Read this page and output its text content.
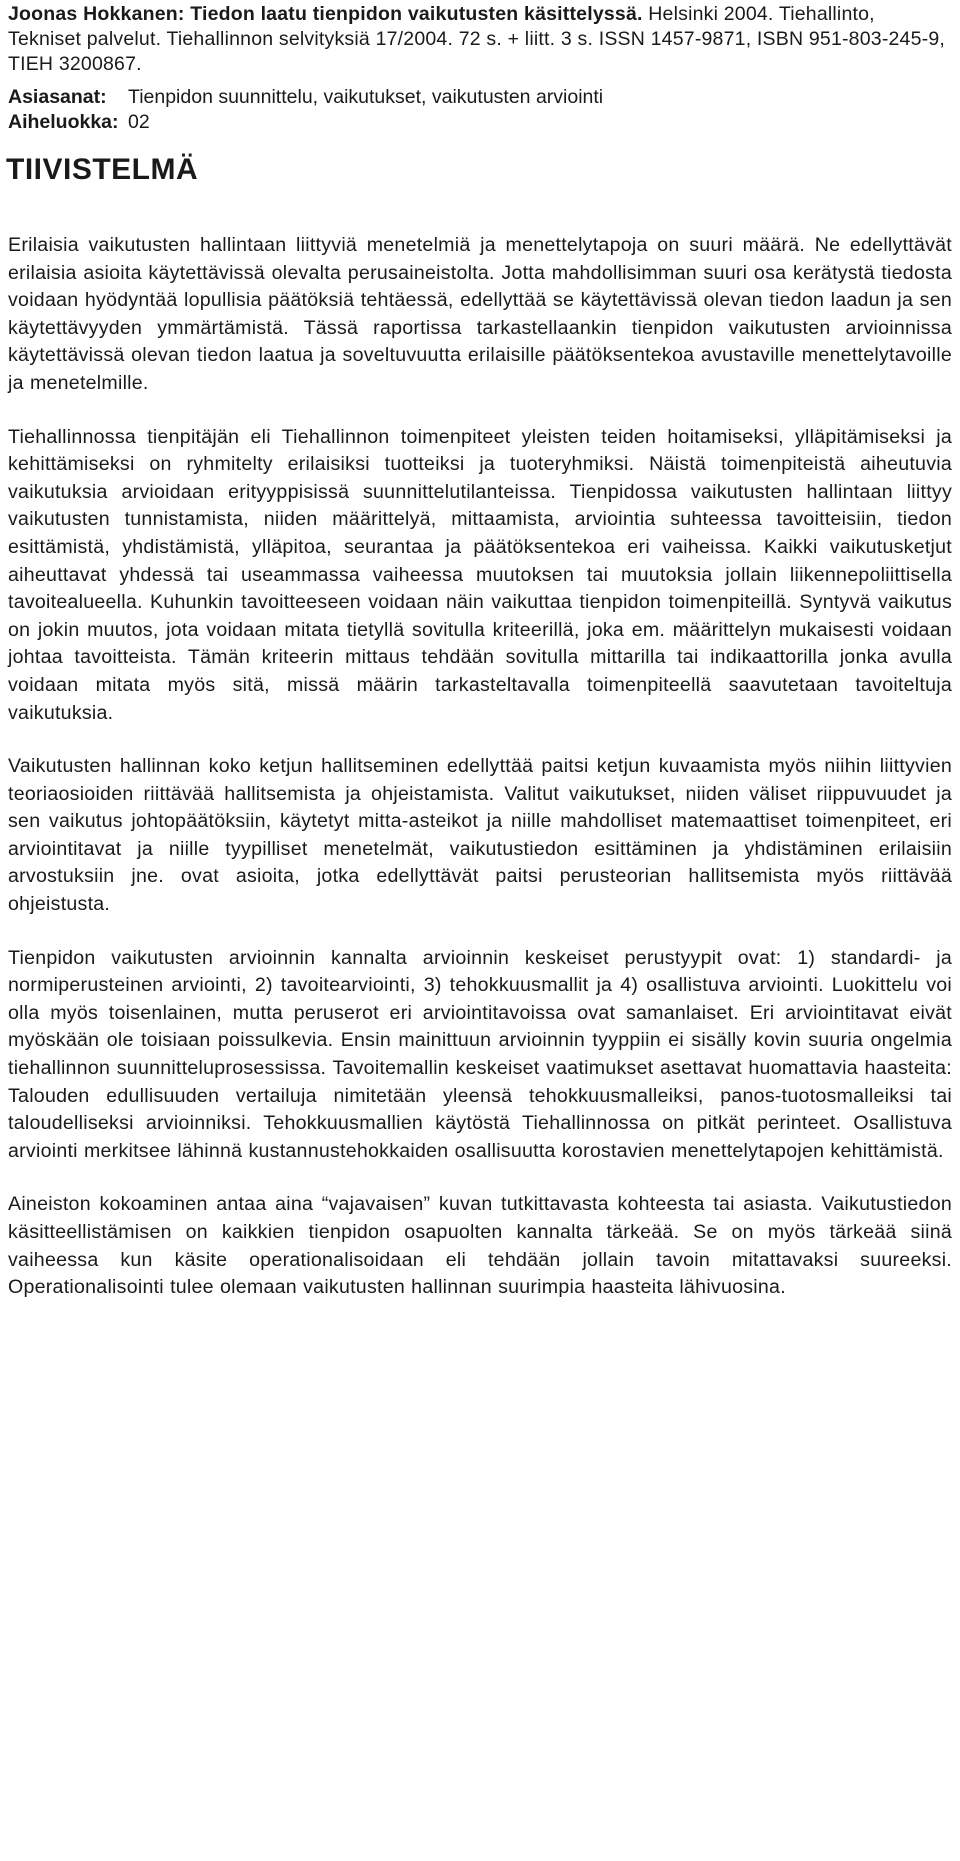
Joonas Hokkanen: Tiedon laatu tienpidon vaikutusten käsittelyssä. Helsinki 2004. Tiehallinto, Tekniset palvelut. Tiehallinnon selvityksiä 17/2004. 72 s. + liitt. 3 s. ISSN 1457-9871, ISBN 951-803-245-9, TIEH 3200867.
Asiasanat: Tienpidon suunnittelu, vaikutukset, vaikutusten arviointi
Aiheluokka: 02
TIIVISTELMÄ

Erilaisia vaikutusten hallintaan liittyviä menetelmiä ja menettelytapoja on suuri määrä. Ne edellyttävät erilaisia asioita käytettävissä olevalta perusaineistolta. Jotta mahdollisimman suuri osa kerätystä tiedosta voidaan hyödyntää lopullisia päätöksiä tehtäessä, edellyttää se käytettävissä olevan tiedon laadun ja sen käytettävyyden ymmärtämistä. Tässä raportissa tarkastellaankin tienpidon vaikutusten arvioinnissa käytettävissä olevan tiedon laatua ja soveltuvuutta erilaisille päätöksentekoa avustaville menettelytavoille ja menetelmille.

Tiehallinnossa tienpitäjän eli Tiehallinnon toimenpiteet yleisten teiden hoitamiseksi, ylläpitämiseksi ja kehittämiseksi on ryhmitelty erilaisiksi tuotteiksi ja tuoteryhmiksi. Näistä toimenpiteistä aiheutuvia vaikutuksia arvioidaan erityyppisissä suunnittelutilanteissa. Tienpidossa vaikutusten hallintaan liittyy vaikutusten tunnistamista, niiden määrittelyä, mittaamista, arviointia suhteessa tavoitteisiin, tiedon esittämistä, yhdistämistä, ylläpitoa, seurantaa ja päätöksentekoa eri vaiheissa. Kaikki vaikutusketjut aiheuttavat yhdessä tai useammassa vaiheessa muutoksen tai muutoksia jollain liikennepoliittisella tavoitealueella. Kuhunkin tavoitteeseen voidaan näin vaikuttaa tienpidon toimenpiteillä. Syntyvä vaikutus on jokin muutos, jota voidaan mitata tietyllä sovitulla kriteerillä, joka em. määrittelyn mukaisesti voidaan johtaa tavoitteista. Tämän kriteerin mittaus tehdään sovitulla mittarilla tai indikaattorilla jonka avulla voidaan mitata myös sitä, missä määrin tarkasteltavalla toimenpiteellä saavutetaan tavoiteltuja vaikutuksia.

Vaikutusten hallinnan koko ketjun hallitseminen edellyttää paitsi ketjun kuvaamista myös niihin liittyvien teoriaosioiden riittävää hallitsemista ja ohjeistamista. Valitut vaikutukset, niiden väliset riippuvuudet ja sen vaikutus johtopäätöksiin, käytetyt mitta-asteikot ja niille mahdolliset matemaattiset toimenpiteet, eri arviointitavat ja niille tyypilliset menetelmät, vaikutustiedon esittäminen ja yhdistäminen erilaisiin arvostuksiin jne. ovat asioita, jotka edellyttävät paitsi perusteorian hallitsemista myös riittävää ohjeistusta.

Tienpidon vaikutusten arvioinnin kannalta arvioinnin keskeiset perustyypit ovat: 1) standardi- ja normiperusteinen arviointi, 2) tavoitearviointi, 3) tehokkuusmallit ja 4) osallistuva arviointi. Luokittelu voi olla myös toisenlainen, mutta peruserot eri arviointitavoissa ovat samanlaiset. Eri arviointitavat eivät myöskään ole toisiaan poissulkevia. Ensin mainittuun arvioinnin tyyppiin ei sisälly kovin suuria ongelmia tiehallinnon suunnitteluprosessissa. Tavoitemallin keskeiset vaatimukset asettavat huomattavia haasteita: Talouden edullisuuden vertailuja nimitetään yleensä tehokkuusmalleiksi, panos-tuotosmalleiksi tai taloudelliseksi arvioinniksi. Tehokkuusmallien käytöstä Tiehallinnossa on pitkät perinteet. Osallistuva arviointi merkitsee lähinnä kustannustehokkaiden osallisuutta korostavien menettelytapojen kehittämistä.

Aineiston kokoaminen antaa aina “vajavaisen” kuvan tutkittavasta kohteesta tai asiasta. Vaikutustiedon käsitteellistämisen on kaikkien tienpidon osapuolten kannalta tärkeää. Se on myös tärkeää siinä vaiheessa kun käsite operationalisoidaan eli tehdään jollain tavoin mitattavaksi suureeksi. Operationalisointi tulee olemaan vaikutusten hallinnan suurimpia haasteita lähivuosina.
